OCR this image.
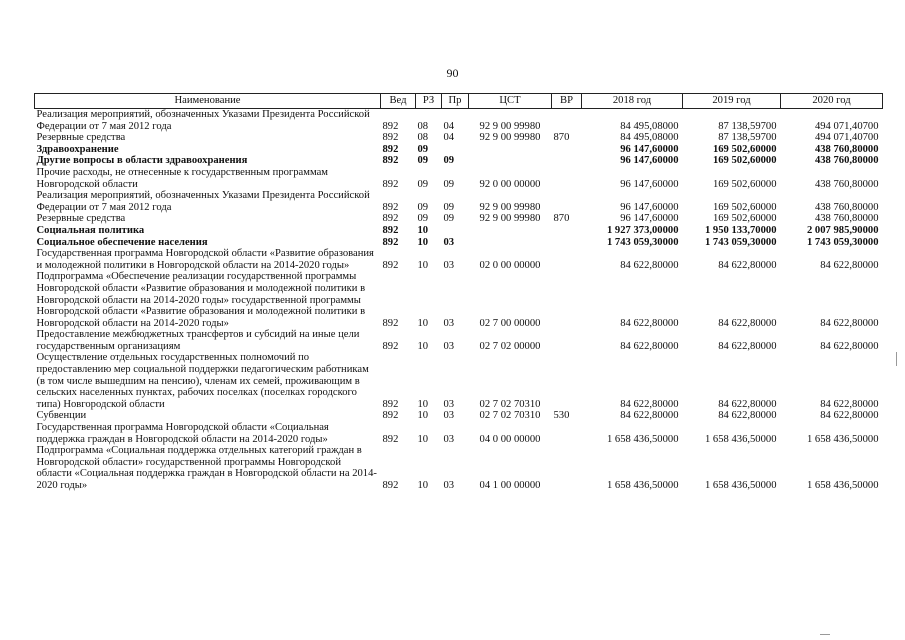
90
Наименование	Вед	РЗ	Пр	ЦСТ	ВР	2018 год	2019 год	2020 год
Реализация мероприятий, обозначенных Указами Президента Российской Федерации от 7 мая 2012 года	892	08	04	92 9 00 99980		84 495,08000	87 138,59700	494 071,40700
Резервные средства	892	08	04	92 9 00 99980	870	84 495,08000	87 138,59700	494 071,40700
Здравоохранение	892	09				96 147,60000	169 502,60000	438 760,80000
Другие вопросы в области здравоохранения	892	09	09			96 147,60000	169 502,60000	438 760,80000
Прочие расходы, не отнесенные к государственным программам Новгородской области	892	09	09	92 0 00 00000		96 147,60000	169 502,60000	438 760,80000
Реализация мероприятий, обозначенных Указами Президента Российской Федерации от 7 мая 2012 года	892	09	09	92 9 00 99980		96 147,60000	169 502,60000	438 760,80000
Резервные средства	892	09	09	92 9 00 99980	870	96 147,60000	169 502,60000	438 760,80000
Социальная политика	892	10				1 927 373,00000	1 950 133,70000	2 007 985,90000
Социальное обеспечение населения	892	10	03			1 743 059,30000	1 743 059,30000	1 743 059,30000
Государственная программа Новгородской области «Развитие образования и молодежной политики в Новгородской области на 2014-2020 годы»	892	10	03	02 0 00 00000		84 622,80000	84 622,80000	84 622,80000
Подпрограмма «Обеспечение реализации государственной программы Новгородской области «Развитие образования и молодежной политики в Новгородской области на 2014-2020 годы» государственной программы Новгородской области «Развитие образования и молодежной политики в Новгородской области на 2014-2020 годы»	892	10	03	02 7 00 00000		84 622,80000	84 622,80000	84 622,80000
Предоставление межбюджетных трансфертов и субсидий на иные цели государственным организациям	892	10	03	02 7 02 00000		84 622,80000	84 622,80000	84 622,80000
Осуществление отдельных государственных полномочий по предоставлению мер социальной поддержки педагогическим работникам (в том числе вышедшим на пенсию), членам их семей, проживающим в сельских населенных пунктах, рабочих поселках (поселках городского типа) Новгородской области	892	10	03	02 7 02 70310		84 622,80000	84 622,80000	84 622,80000
Субвенции	892	10	03	02 7 02 70310	530	84 622,80000	84 622,80000	84 622,80000
Государственная программа Новгородской области «Социальная поддержка граждан в Новгородской области на 2014-2020 годы»	892	10	03	04 0 00 00000		1 658 436,50000	1 658 436,50000	1 658 436,50000
Подпрограмма «Социальная поддержка отдельных категорий граждан в Новгородской области» государственной программы Новгородской области «Социальная поддержка граждан в Новгородской области на 2014-2020 годы»	892	10	03	04 1 00 00000		1 658 436,50000	1 658 436,50000	1 658 436,50000
